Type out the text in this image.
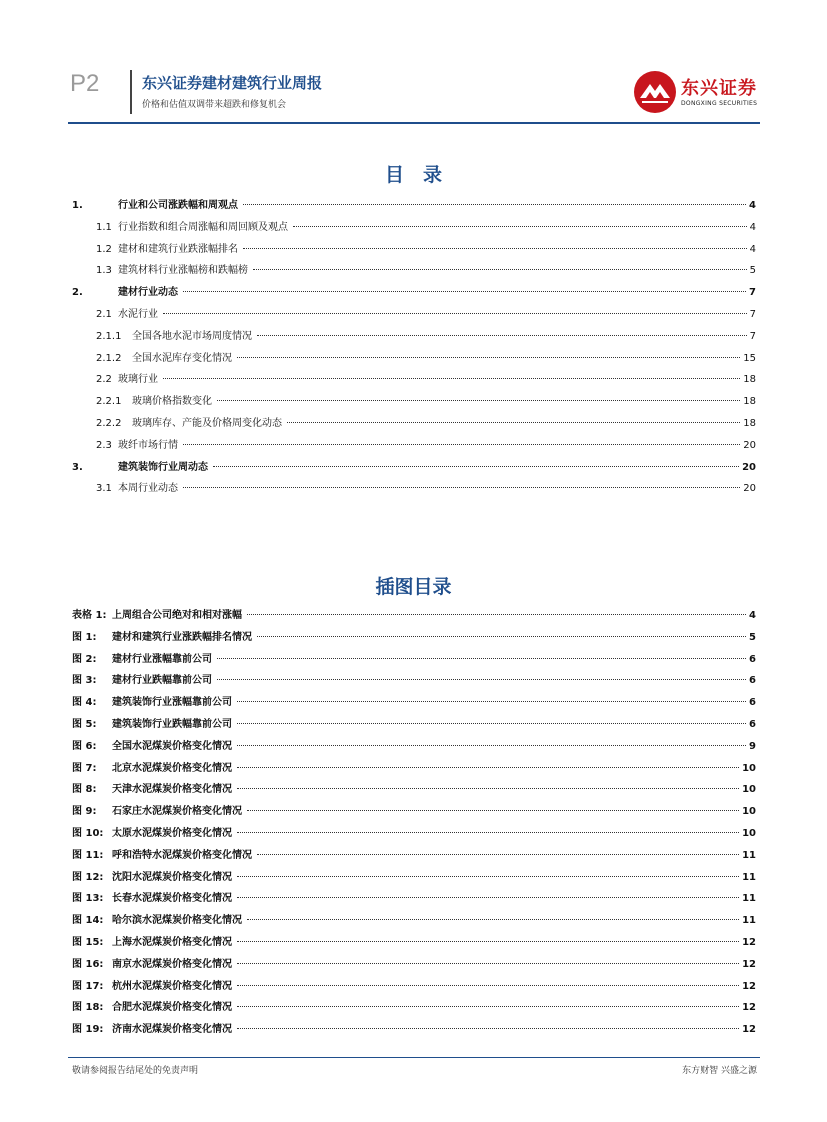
P2	东兴证券建材建筑行业周报
价格和估值双调带来超跌和修复机会
东兴证券
DONGXING SECURITIES
目　录
1.	行业和公司涨跌幅和周观点	4
1.1 行业指数和组合周涨幅和周回顾及观点	4
1.2 建材和建筑行业跌涨幅排名	4
1.3 建筑材料行业涨幅榜和跌幅榜	5
2.	建材行业动态	7
2.1 水泥行业	7
2.1.1	全国各地水泥市场周度情况	7
2.1.2	全国水泥库存变化情况	15
2.2 玻璃行业	18
2.2.1	玻璃价格指数变化	18
2.2.2	玻璃库存、产能及价格周变化动态	18
2.3 玻纤市场行情	20
3.	建筑装饰行业周动态	20
3.1 本周行业动态	20
插图目录
表格 1: 上周组合公司绝对和相对涨幅	4
图 1:	建材和建筑行业涨跌幅排名情况	5
图 2:	建材行业涨幅靠前公司	6
图 3:	建材行业跌幅靠前公司	6
图 4:	建筑装饰行业涨幅靠前公司	6
图 5:	建筑装饰行业跌幅靠前公司	6
图 6:	全国水泥煤炭价格变化情况	9
图 7:	北京水泥煤炭价格变化情况	10
图 8:	天津水泥煤炭价格变化情况	10
图 9:	石家庄水泥煤炭价格变化情况	10
图 10: 太原水泥煤炭价格变化情况	10
图 11: 呼和浩特水泥煤炭价格变化情况	11
图 12: 沈阳水泥煤炭价格变化情况	11
图 13: 长春水泥煤炭价格变化情况	11
图 14: 哈尔滨水泥煤炭价格变化情况	11
图 15: 上海水泥煤炭价格变化情况	12
图 16: 南京水泥煤炭价格变化情况	12
图 17: 杭州水泥煤炭价格变化情况	12
图 18: 合肥水泥煤炭价格变化情况	12
图 19: 济南水泥煤炭价格变化情况	12
敬请参阅报告结尾处的免责声明	东方财智 兴盛之源
